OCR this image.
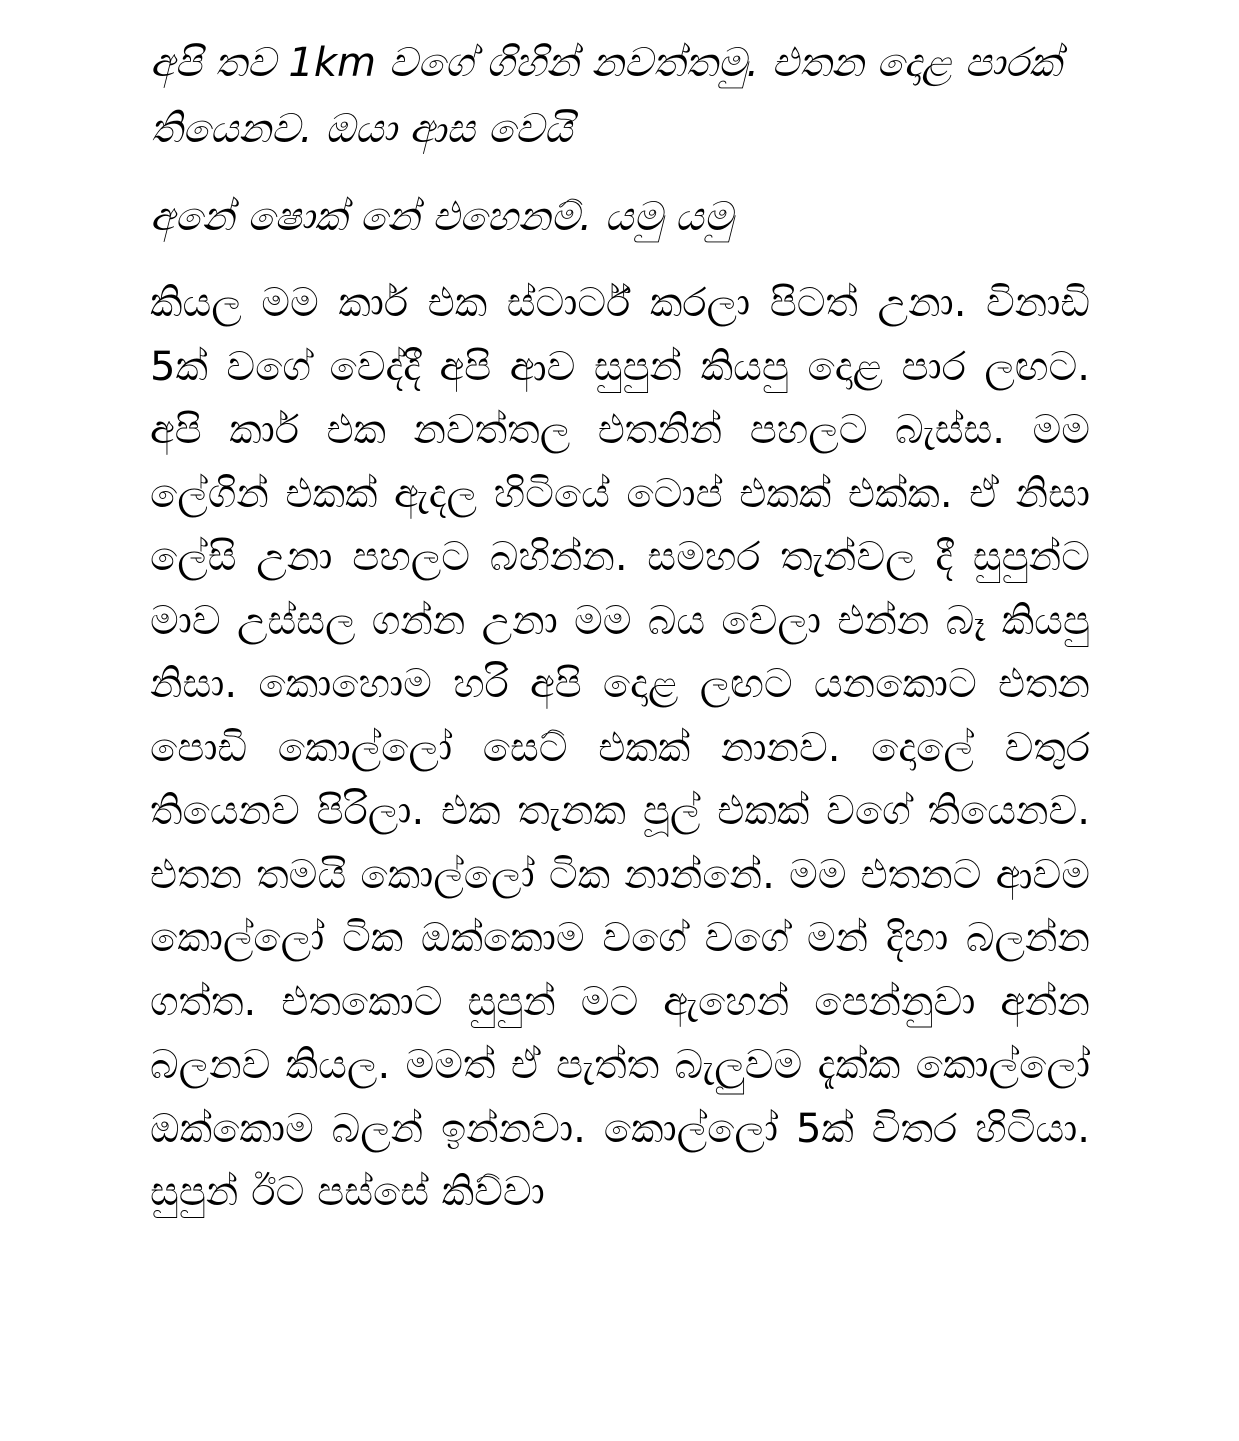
අපි තව 1km වගේ ගිහින් නවත්තමු. එතන දොළ පාරක් තියෙනව. ඔයා ආස වෙයි

අනේ ෂොක් නේ එහෙනම්. යමු යමු

කියල මම කාර් එක ස්ටාර්ට් කරලා පිටත් උනා. විනාඩි 5ක් වගේ වෙද්දී අපි ආව සුපුන් කියපු දොළ පාර ලඟට. අපි කාර් එක නවත්තල එතනින් පහලට බැස්ස. මම ලේගින් එකක් ඇදල හිටියේ ටොප් එකක් එක්ක. ඒ නිසා ලේසි උනා පහලට බහින්න. සමහර තැන්වල දී සුපුන්ට මාව උස්සල ගන්න උනා මම බය වෙලා එන්න බෑ කියපු නිසා. කොහොම හරි අපි දොළ ලඟට යනකොට එතන පොඩි කොල්ලෝ සෙට් එකක් නානව. දොලේ වතුර තියෙනව පිරිලා. එක තැනක පූල් එකක් වගේ තියෙනව. එතන තමයි කොල්ලෝ ටික නාන්නේ. මම එතනට ආවම කොල්ලෝ ටික ඔක්කොම වගේ වගේ මන් දිහා බලන්න ගත්ත. එතකොට සුපුන් මට ඇහෙන් පෙන්නුවා අන්න බලනව කියල. මමත් ඒ පැත්ත බැලුවම දැක්ක කොල්ලෝ ඔක්කොම බලන් ඉන්නවා. කොල්ලෝ 5ක් විතර හිටියා. සුපුන් ඊට පස්සේ කිව්වා
